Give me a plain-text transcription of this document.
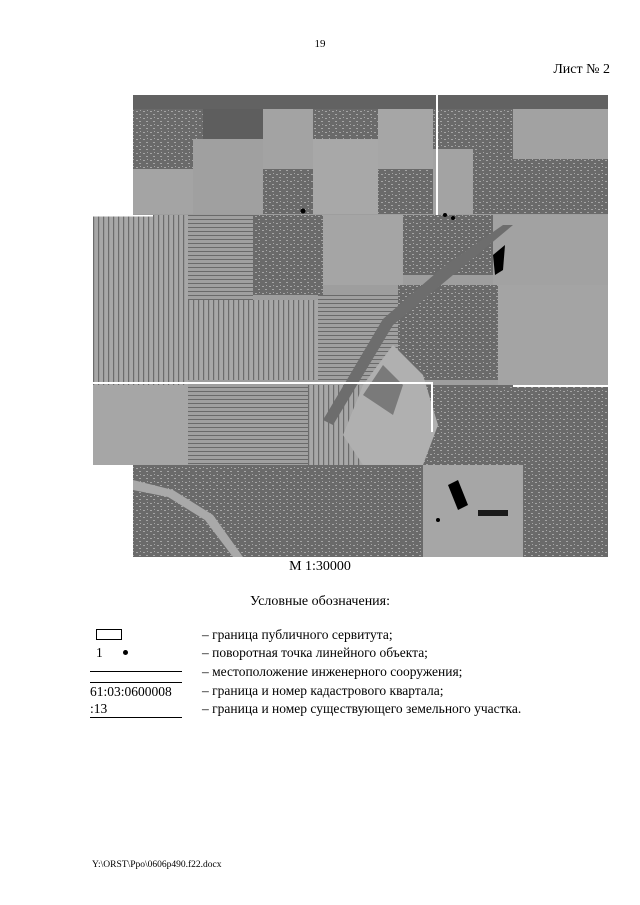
19
Лист № 2
М 1:30000
Условные обозначения:
– граница публичного сервитута;
1	– поворотная точка линейного объекта;
– местоположение инженерного сооружения;
61:03:0600008	– граница и номер кадастрового квартала;
:13	– граница и номер существующего земельного участка.
Y:\ORST\Ppo\0606p490.f22.docx
